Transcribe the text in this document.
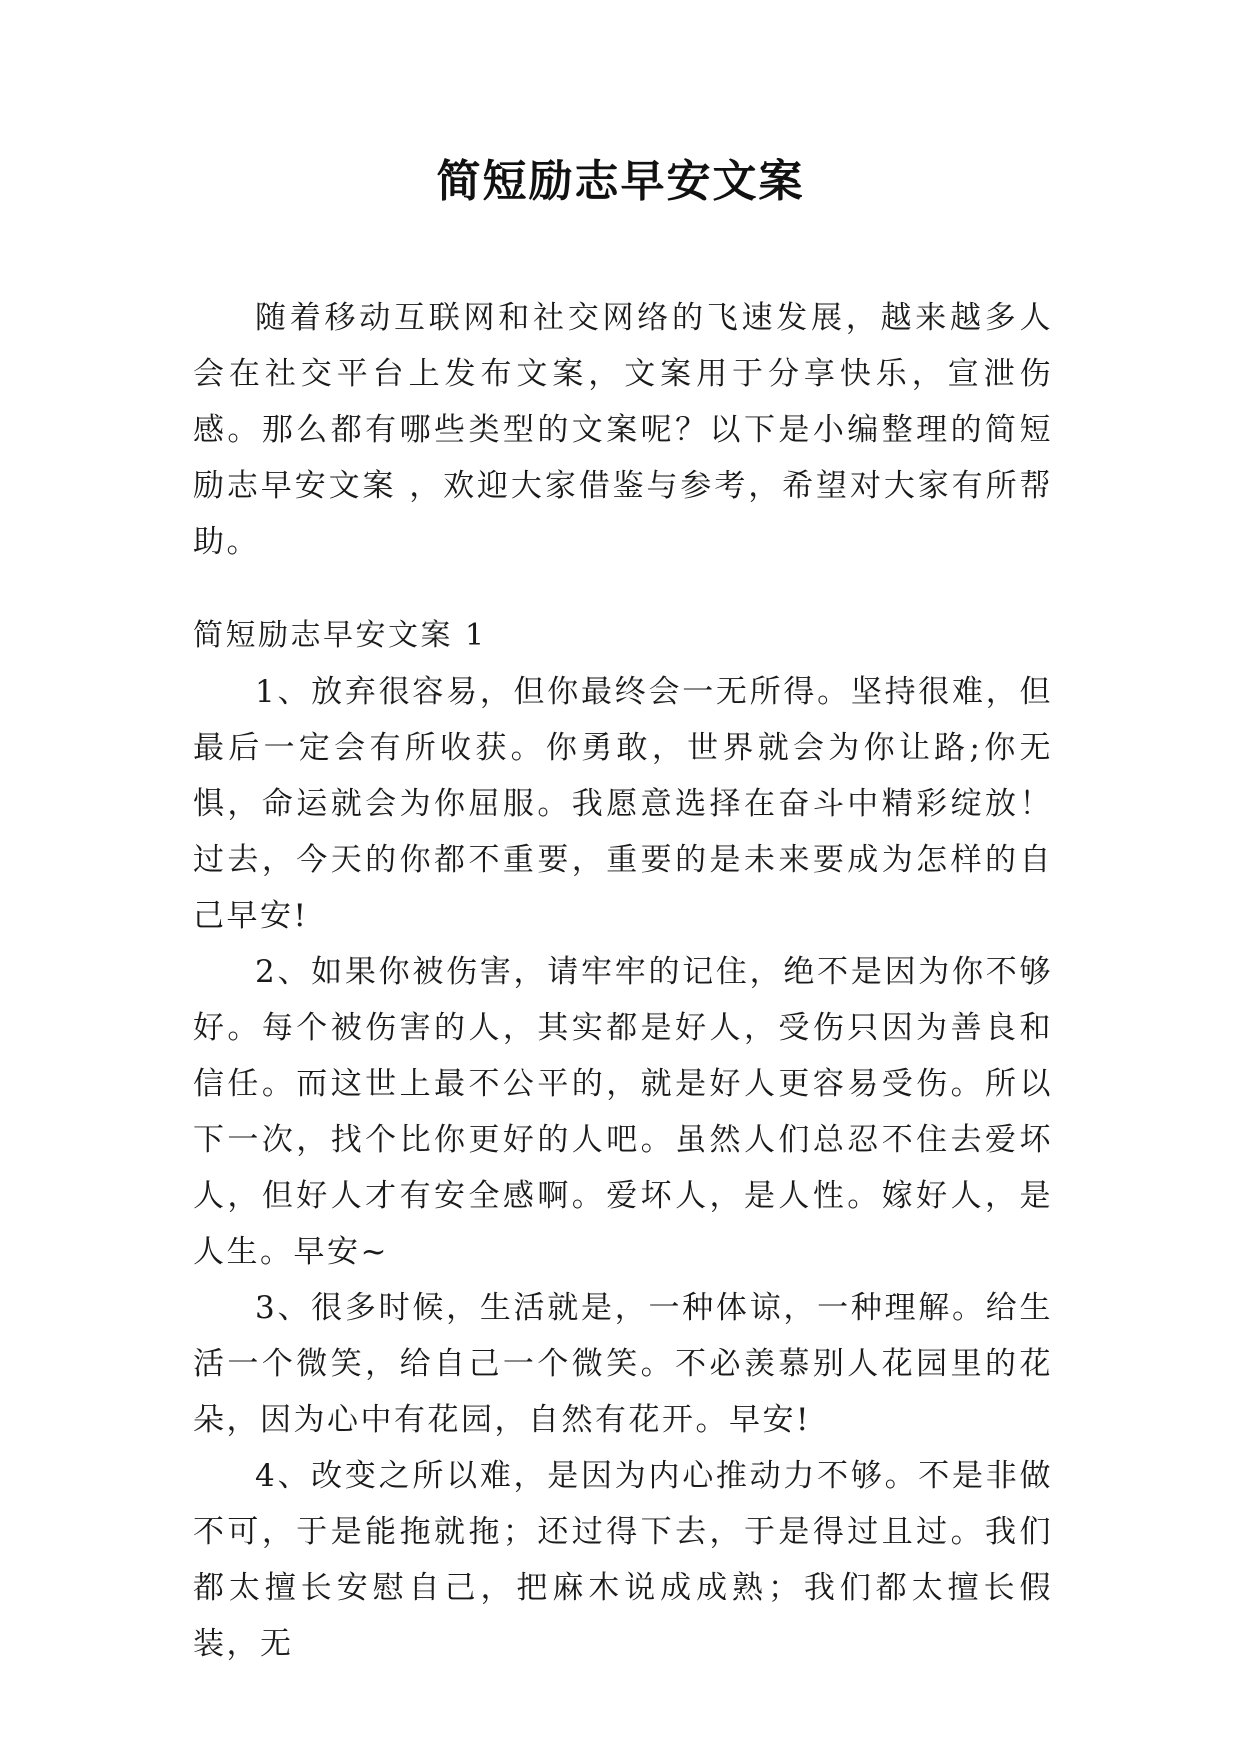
简短励志早安文案

随着移动互联网和社交网络的飞速发展，越来越多人会在社交平台上发布文案，文案用于分享快乐，宣泄伤感。那么都有哪些类型的文案呢？以下是小编整理的简短励志早安文案 ，欢迎大家借鉴与参考，希望对大家有所帮助。

简短励志早安文案 1

1、放弃很容易，但你最终会一无所得。坚持很难，但最后一定会有所收获。你勇敢，世界就会为你让路;你无惧，命运就会为你屈服。我愿意选择在奋斗中精彩绽放！过去，今天的你都不重要，重要的是未来要成为怎样的自己早安!

2、如果你被伤害，请牢牢的记住，绝不是因为你不够好。每个被伤害的人，其实都是好人，受伤只因为善良和信任。而这世上最不公平的，就是好人更容易受伤。所以下一次，找个比你更好的人吧。虽然人们总忍不住去爱坏人，但好人才有安全感啊。爱坏人，是人性。嫁好人，是人生。早安~

3、很多时候，生活就是，一种体谅，一种理解。给生活一个微笑，给自己一个微笑。不必羡慕别人花园里的花朵，因为心中有花园，自然有花开。早安!

4、改变之所以难，是因为内心推动力不够。不是非做不可，于是能拖就拖；还过得下去，于是得过且过。我们都太擅长安慰自己，把麻木说成成熟；我们都太擅长假装，无
